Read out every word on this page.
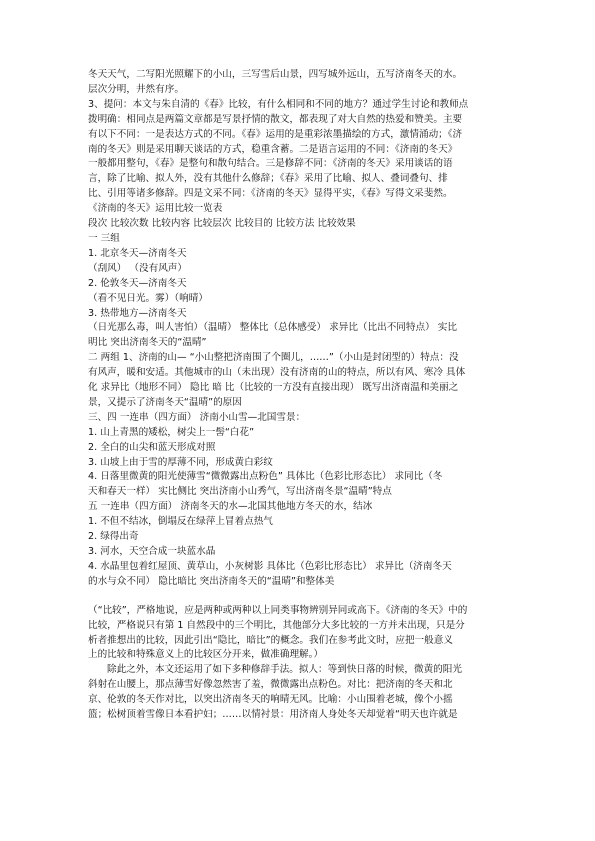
冬天天气，二写阳光照耀下的小山，三写雪后山景，四写城外远山，五写济南冬天的水。
层次分明，井然有序。
3、提问：本文与朱自清的《春》比较，有什么相同和不同的地方？通过学生讨论和教师点
拨明确：相同点是两篇文章都是写景抒情的散文，都表现了对大自然的热爱和赞美。主要
有以下不同：一是表达方式的不同。《春》运用的是重彩浓墨描绘的方式，激情涌动；《济
南的冬天》则是采用聊天谈话的方式，稳重含蓄。二是语言运用的不同：《济南的冬天》
一般都用整句，《春》是整句和散句结合。三是修辞不同：《济南的冬天》采用谈话的语
言，除了比喻、拟人外，没有其他什么修辞；《春》采用了比喻、拟人、叠词叠句、排
比、引用等诸多修辞。四是文采不同：《济南的冬天》显得平实，《春》写得文采斐然。
《济南的冬天》运用比较一览表
段次 比较次数 比较内容 比较层次 比较目的 比较方法 比较效果
一 三组
1. 北京冬天—济南冬天
（刮风） （没有风声）
2. 伦敦冬天—济南冬天
（看不见日光。雾）（响晴）
3. 热带地方—济南冬天
（日光那么毒，叫人害怕）（温晴） 整体比（总体感受） 求异比（比出不同特点） 实比
明比 突出济南冬天的“温晴”
二 两组 1、济南的山— “小山整把济南围了个圈儿，……”（小山是封闭型的）特点：没
有风声，暖和安适。其他城市的山（未出现）没有济南的山的特点，所以有风、寒冷 具体
化 求异比（地形不同） 隐比 暗 比（比较的一方没有直接出现） 既写出济南温和美丽之
景，又提示了济南冬天“温晴”的原因
三、四 一连串（四方面） 济南小山雪—北国雪景：
1. 山上青黑的矮松，树尖上一髻“白花”
2. 全白的山尖和蓝天形成对照
3. 山坡上由于雪的厚薄不同，形成黄白彩纹
4. 日落里微黄的阳光使薄雪“微微露出点粉色” 具体比（色彩比形态比） 求同比（冬
天和春天一样） 实比侧比 突出济南小山秀气，写出济南冬景“温晴”特点
五 一连串（四方面） 济南冬天的水—北国其他地方冬天的水，结冰
1. 不但不结冰，倒塌反在绿萍上冒着点热气
2. 绿得出奇
3. 河水，天空合成一块蓝水晶
4. 水晶里包着红屋顶、黄草山，小灰树影 具体比（色彩比形态比） 求异比（济南冬天
的水与众不同） 隐比暗比 突出济南冬天的“温晴”和整体美
（“比较”，严格地说，应是两种或两种以上同类事物辨别异同或高下。《济南的冬天》中的
比较，严格说只有第 1 自然段中的三个明比，其他部分大多比较的一方并未出现，只是分
析者推想出的比较，因此引出“隐比，暗比”的概念。我们在参考此文时，应把一般意义
上的比较和特殊意义上的比较区分开来，做准确理解。）
除此之外，本文还运用了如下多种修辞手法。拟人：等到快日落的时候，微黄的阳光
斜射在山腰上，那点薄雪好像忽然害了羞，微微露出点粉色。对比：把济南的冬天和北
京、伦敦的冬天作对比，以突出济南冬天的响晴无风。比喻：小山围着老城，像个小摇
篮；松树顶着雪像日本看护妇；……以情衬景：用济南人身处冬天却觉着“明天也许就是
